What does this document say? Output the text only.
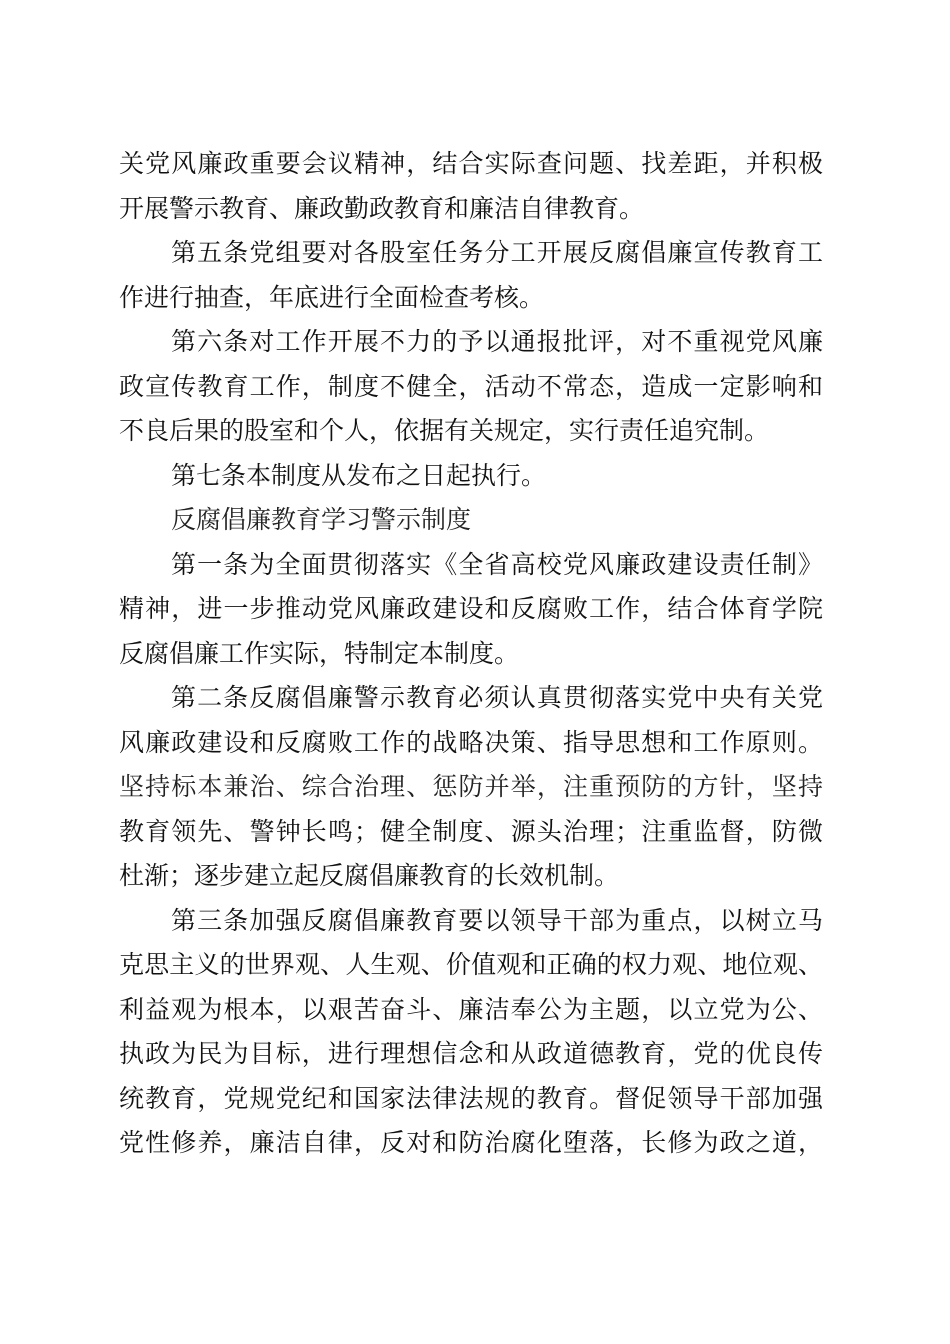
关党风廉政重要会议精神，结合实际查问题、找差距，并积极
开展警示教育、廉政勤政教育和廉洁自律教育。
第五条党组要对各股室任务分工开展反腐倡廉宣传教育工
作进行抽查，年底进行全面检查考核。
第六条对工作开展不力的予以通报批评，对不重视党风廉
政宣传教育工作，制度不健全，活动不常态，造成一定影响和
不良后果的股室和个人，依据有关规定，实行责任追究制。
第七条本制度从发布之日起执行。
反腐倡廉教育学习警示制度
第一条为全面贯彻落实《全省高校党风廉政建设责任制》
精神，进一步推动党风廉政建设和反腐败工作，结合体育学院
反腐倡廉工作实际，特制定本制度。
第二条反腐倡廉警示教育必须认真贯彻落实党中央有关党
风廉政建设和反腐败工作的战略决策、指导思想和工作原则。
坚持标本兼治、综合治理、惩防并举，注重预防的方针，坚持
教育领先、警钟长鸣；健全制度、源头治理；注重监督，防微
杜渐；逐步建立起反腐倡廉教育的长效机制。
第三条加强反腐倡廉教育要以领导干部为重点，以树立马
克思主义的世界观、人生观、价值观和正确的权力观、地位观、
利益观为根本，以艰苦奋斗、廉洁奉公为主题，以立党为公、
执政为民为目标，进行理想信念和从政道德教育，党的优良传
统教育，党规党纪和国家法律法规的教育。督促领导干部加强
党性修养，廉洁自律，反对和防治腐化堕落，长修为政之道，
